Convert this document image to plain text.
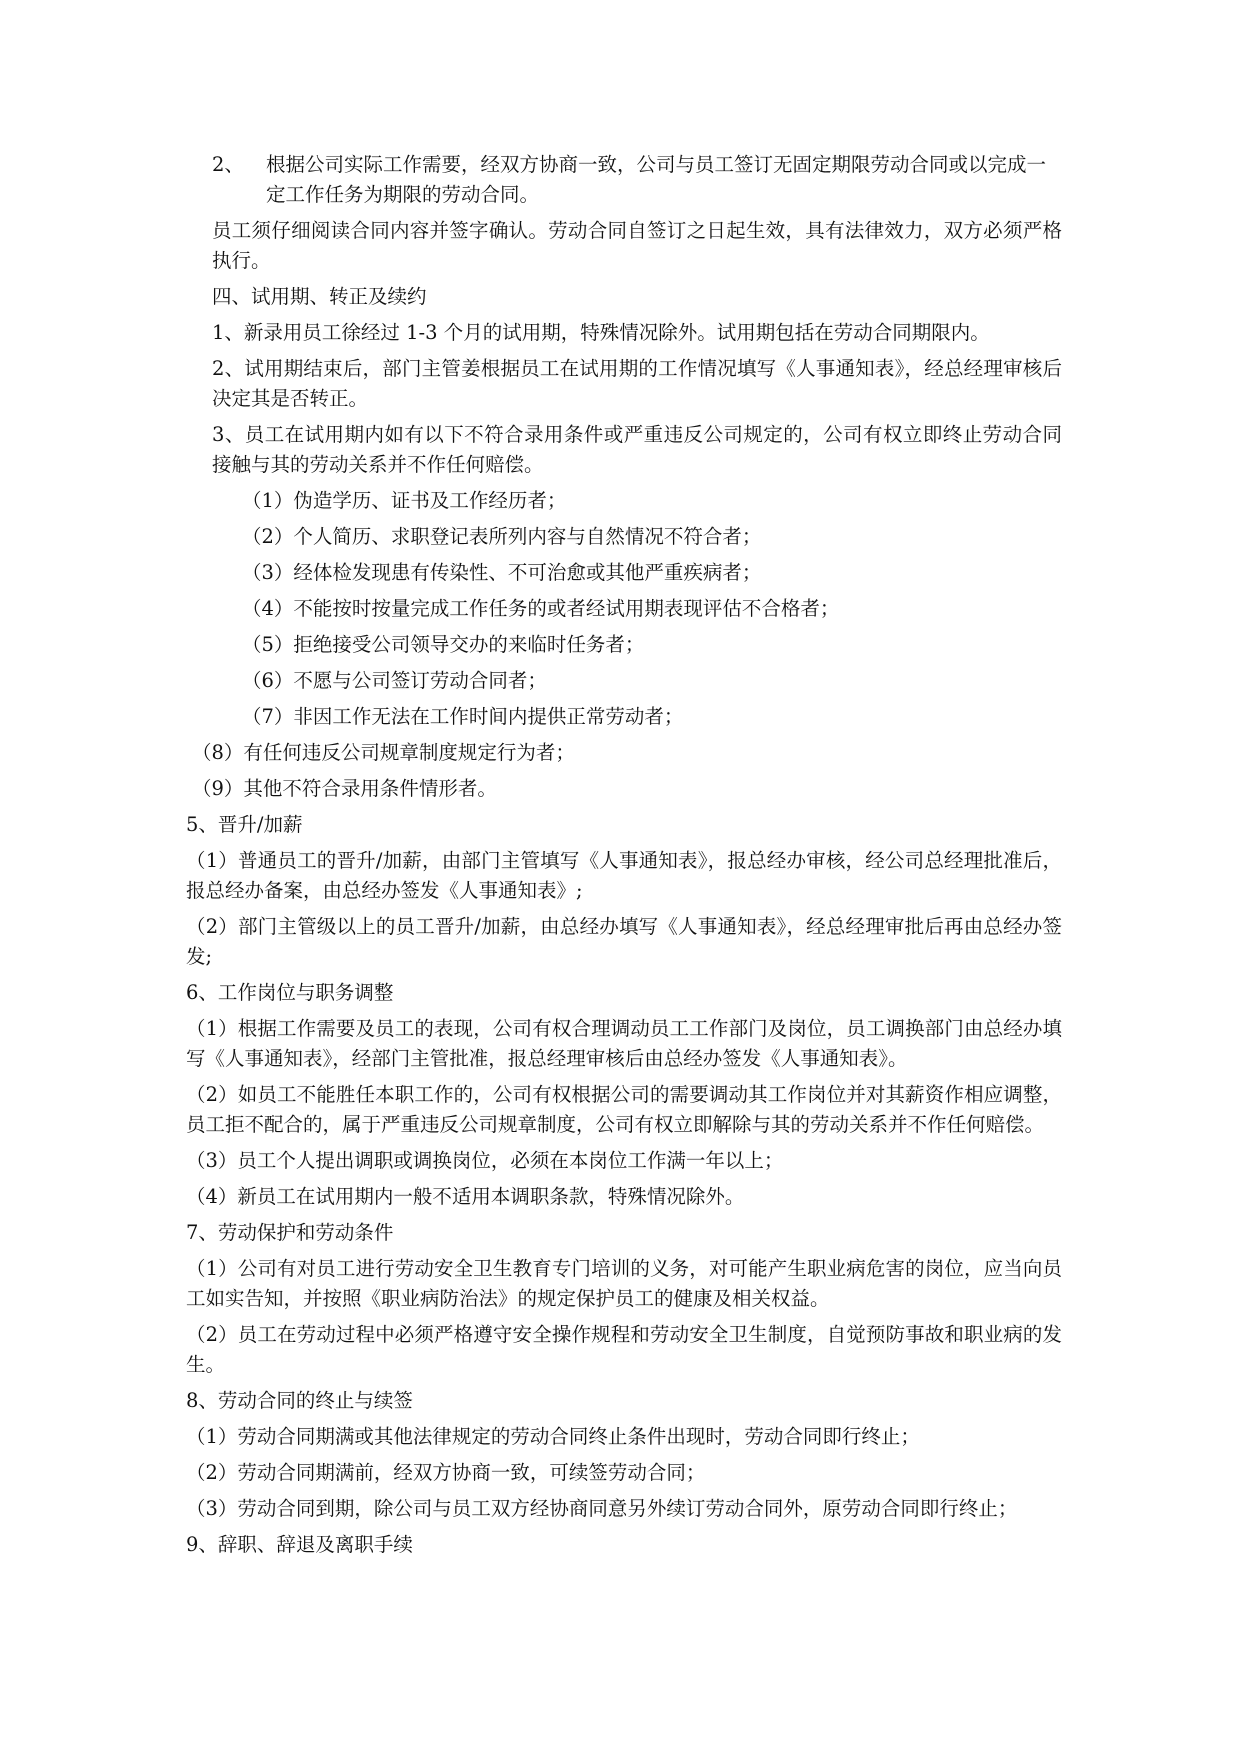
2、	根据公司实际工作需要，经双方协商一致，公司与员工签订无固定期限劳动合同或以完成一定工作任务为期限的劳动合同。

员工须仔细阅读合同内容并签字确认。劳动合同自签订之日起生效，具有法律效力，双方必须严格执行。

四、试用期、转正及续约

1、新录用员工徐经过 1-3 个月的试用期，特殊情况除外。试用期包括在劳动合同期限内。

2、试用期结束后，部门主管姜根据员工在试用期的工作情况填写《人事通知表》，经总经理审核后决定其是否转正。

3、员工在试用期内如有以下不符合录用条件或严重违反公司规定的，公司有权立即终止劳动合同接触与其的劳动关系并不作任何赔偿。

（1）伪造学历、证书及工作经历者；

（2）个人简历、求职登记表所列内容与自然情况不符合者；

（3）经体检发现患有传染性、不可治愈或其他严重疾病者；

（4）不能按时按量完成工作任务的或者经试用期表现评估不合格者；

（5）拒绝接受公司领导交办的来临时任务者；

（6）不愿与公司签订劳动合同者；

（7）非因工作无法在工作时间内提供正常劳动者；

（8）有任何违反公司规章制度规定行为者；

（9）其他不符合录用条件情形者。

5、晋升/加薪

（1）普通员工的晋升/加薪，由部门主管填写《人事通知表》，报总经办审核，经公司总经理批准后，报总经办备案，由总经办签发《人事通知表》;

（2）部门主管级以上的员工晋升/加薪，由总经办填写《人事通知表》，经总经理审批后再由总经办签发;

6、工作岗位与职务调整

（1）根据工作需要及员工的表现，公司有权合理调动员工工作部门及岗位，员工调换部门由总经办填写《人事通知表》，经部门主管批准，报总经理审核后由总经办签发《人事通知表》。

（2）如员工不能胜任本职工作的，公司有权根据公司的需要调动其工作岗位并对其薪资作相应调整，员工拒不配合的，属于严重违反公司规章制度，公司有权立即解除与其的劳动关系并不作任何赔偿。

（3）员工个人提出调职或调换岗位，必须在本岗位工作满一年以上；

（4）新员工在试用期内一般不适用本调职条款，特殊情况除外。

7、劳动保护和劳动条件

（1）公司有对员工进行劳动安全卫生教育专门培训的义务，对可能产生职业病危害的岗位，应当向员工如实告知，并按照《职业病防治法》的规定保护员工的健康及相关权益。

（2）员工在劳动过程中必须严格遵守安全操作规程和劳动安全卫生制度，自觉预防事故和职业病的发生。

8、劳动合同的终止与续签

（1）劳动合同期满或其他法律规定的劳动合同终止条件出现时，劳动合同即行终止；

（2）劳动合同期满前，经双方协商一致，可续签劳动合同；

（3）劳动合同到期，除公司与员工双方经协商同意另外续订劳动合同外，原劳动合同即行终止；

9、辞职、辞退及离职手续
